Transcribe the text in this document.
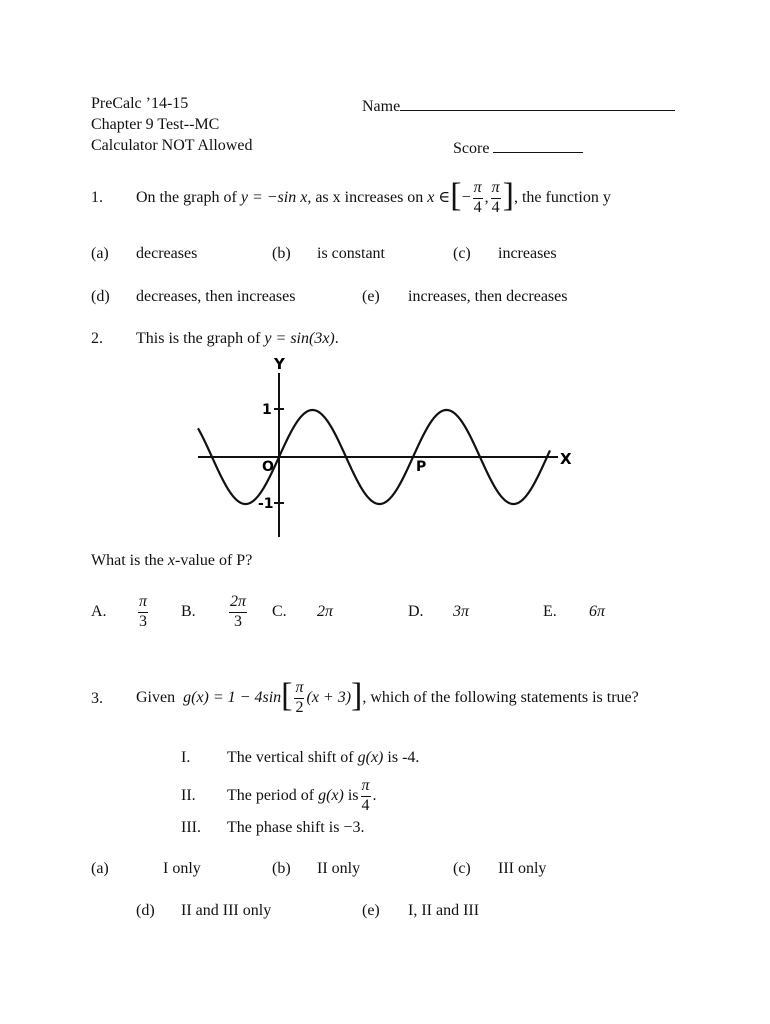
PreCalc ’14-15
Chapter 9 Test--MC
Calculator NOT Allowed
Name
Score
1. On the graph of
y = −sin x , as x increases on
x ∈ [ − $\frac{\pi}{4}$ , $\frac{\pi}{4}$ ] , the function y
(a) decreases	(b) is constant	(c) increases
(d) decreases, then increases	(e) increases, then decreases
2. This is the graph of y = sin(3x).
Y
X
1
-1
O	P
What is the x-value of P?
A. $\frac{\pi}{3} B$. $\frac{2\pi}{3} C$. 2π	D. 3π	E. 6π
3. Given
g(x) = 1 − 4sin [ $\frac{\pi}{2} (x + 3)$ ] , which of the following statements is true?
I. The vertical shift of g(x) is -4.
II. The period of
g(x)
is $\frac{\pi}{4}$ .
III. The phase shift is −3.
(a)	I only	(b) II only	(c) III only
(d) II and III only	(e) I, II and III
